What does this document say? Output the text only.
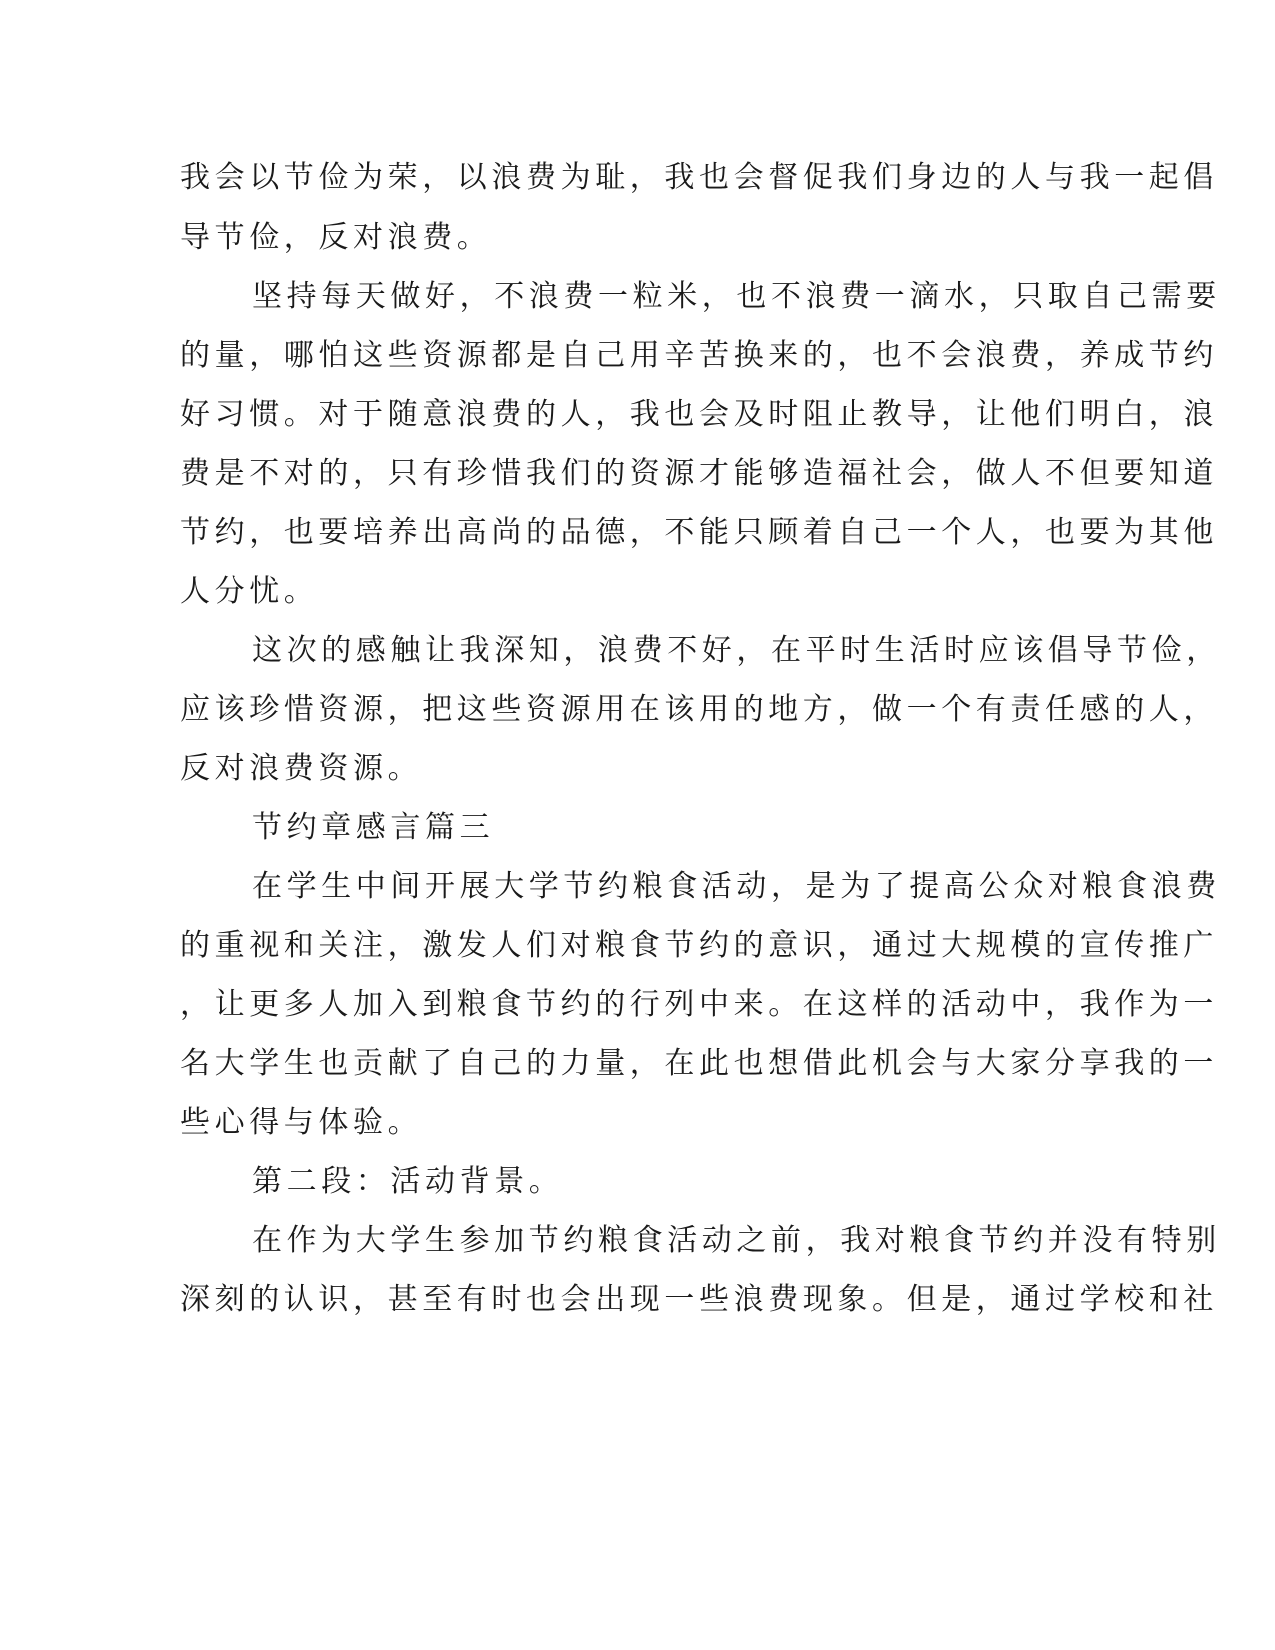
我会以节俭为荣，以浪费为耻，我也会督促我们身边的人与我一起倡

导节俭，反对浪费。

坚持每天做好，不浪费一粒米，也不浪费一滴水，只取自己需要

的量，哪怕这些资源都是自己用辛苦换来的，也不会浪费，养成节约

好习惯。对于随意浪费的人，我也会及时阻止教导，让他们明白，浪

费是不对的，只有珍惜我们的资源才能够造福社会，做人不但要知道

节约，也要培养出高尚的品德，不能只顾着自己一个人，也要为其他

人分忧。

这次的感触让我深知，浪费不好，在平时生活时应该倡导节俭，

应该珍惜资源，把这些资源用在该用的地方，做一个有责任感的人，

反对浪费资源。

节约章感言篇三

在学生中间开展大学节约粮食活动，是为了提高公众对粮食浪费

的重视和关注，激发人们对粮食节约的意识，通过大规模的宣传推广

，让更多人加入到粮食节约的行列中来。在这样的活动中，我作为一

名大学生也贡献了自己的力量，在此也想借此机会与大家分享我的一

些心得与体验。

第二段：活动背景。

在作为大学生参加节约粮食活动之前，我对粮食节约并没有特别

深刻的认识，甚至有时也会出现一些浪费现象。但是，通过学校和社
